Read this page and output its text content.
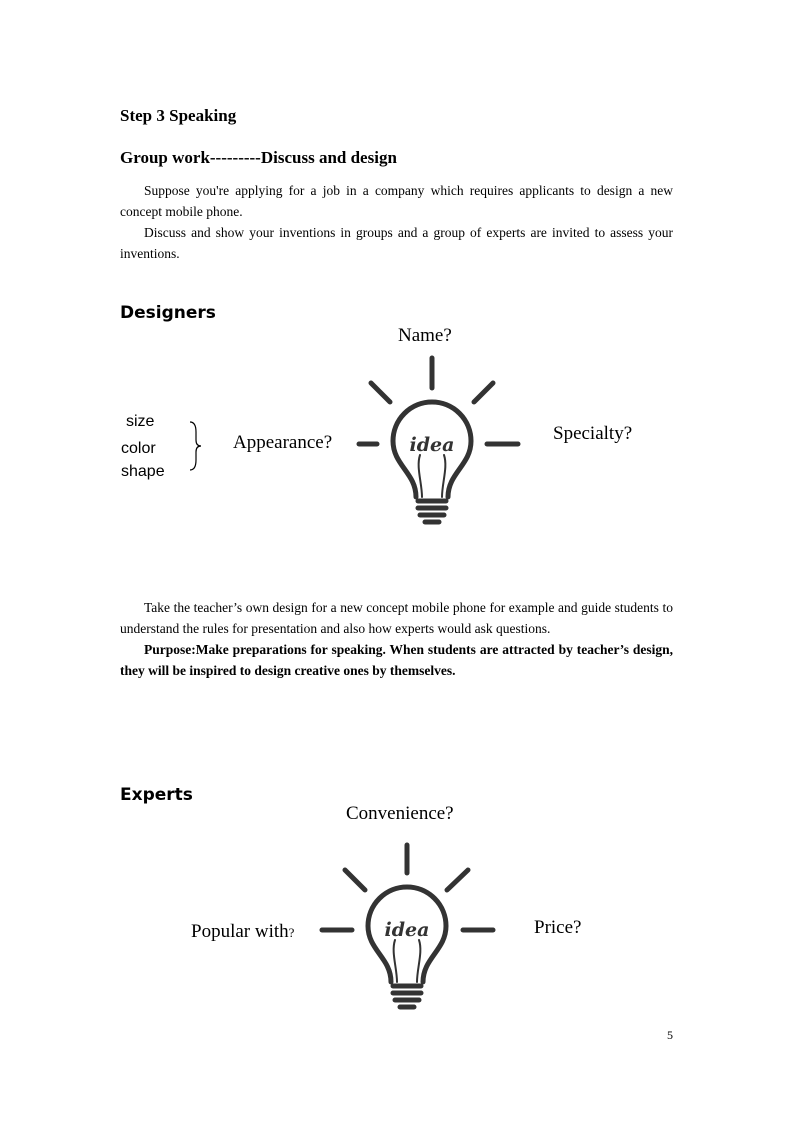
Step 3 Speaking
Group work---------Discuss and design

Suppose you're applying for a job in a company which requires applicants to design a new concept mobile phone.

Discuss and show your inventions in groups and a group of experts are invited to assess your inventions.

Designers
Name?
size
color
shape
Appearance?	Specialty?
idea

Take the teacher’s own design for a new concept mobile phone for example and guide students to understand the rules for presentation and also how experts would ask questions.

Purpose:Make preparations for speaking. When students are attracted by teacher’s design, they will be inspired to design creative ones by themselves.

Experts
Convenience?
Popular with?	Price?
idea
5
